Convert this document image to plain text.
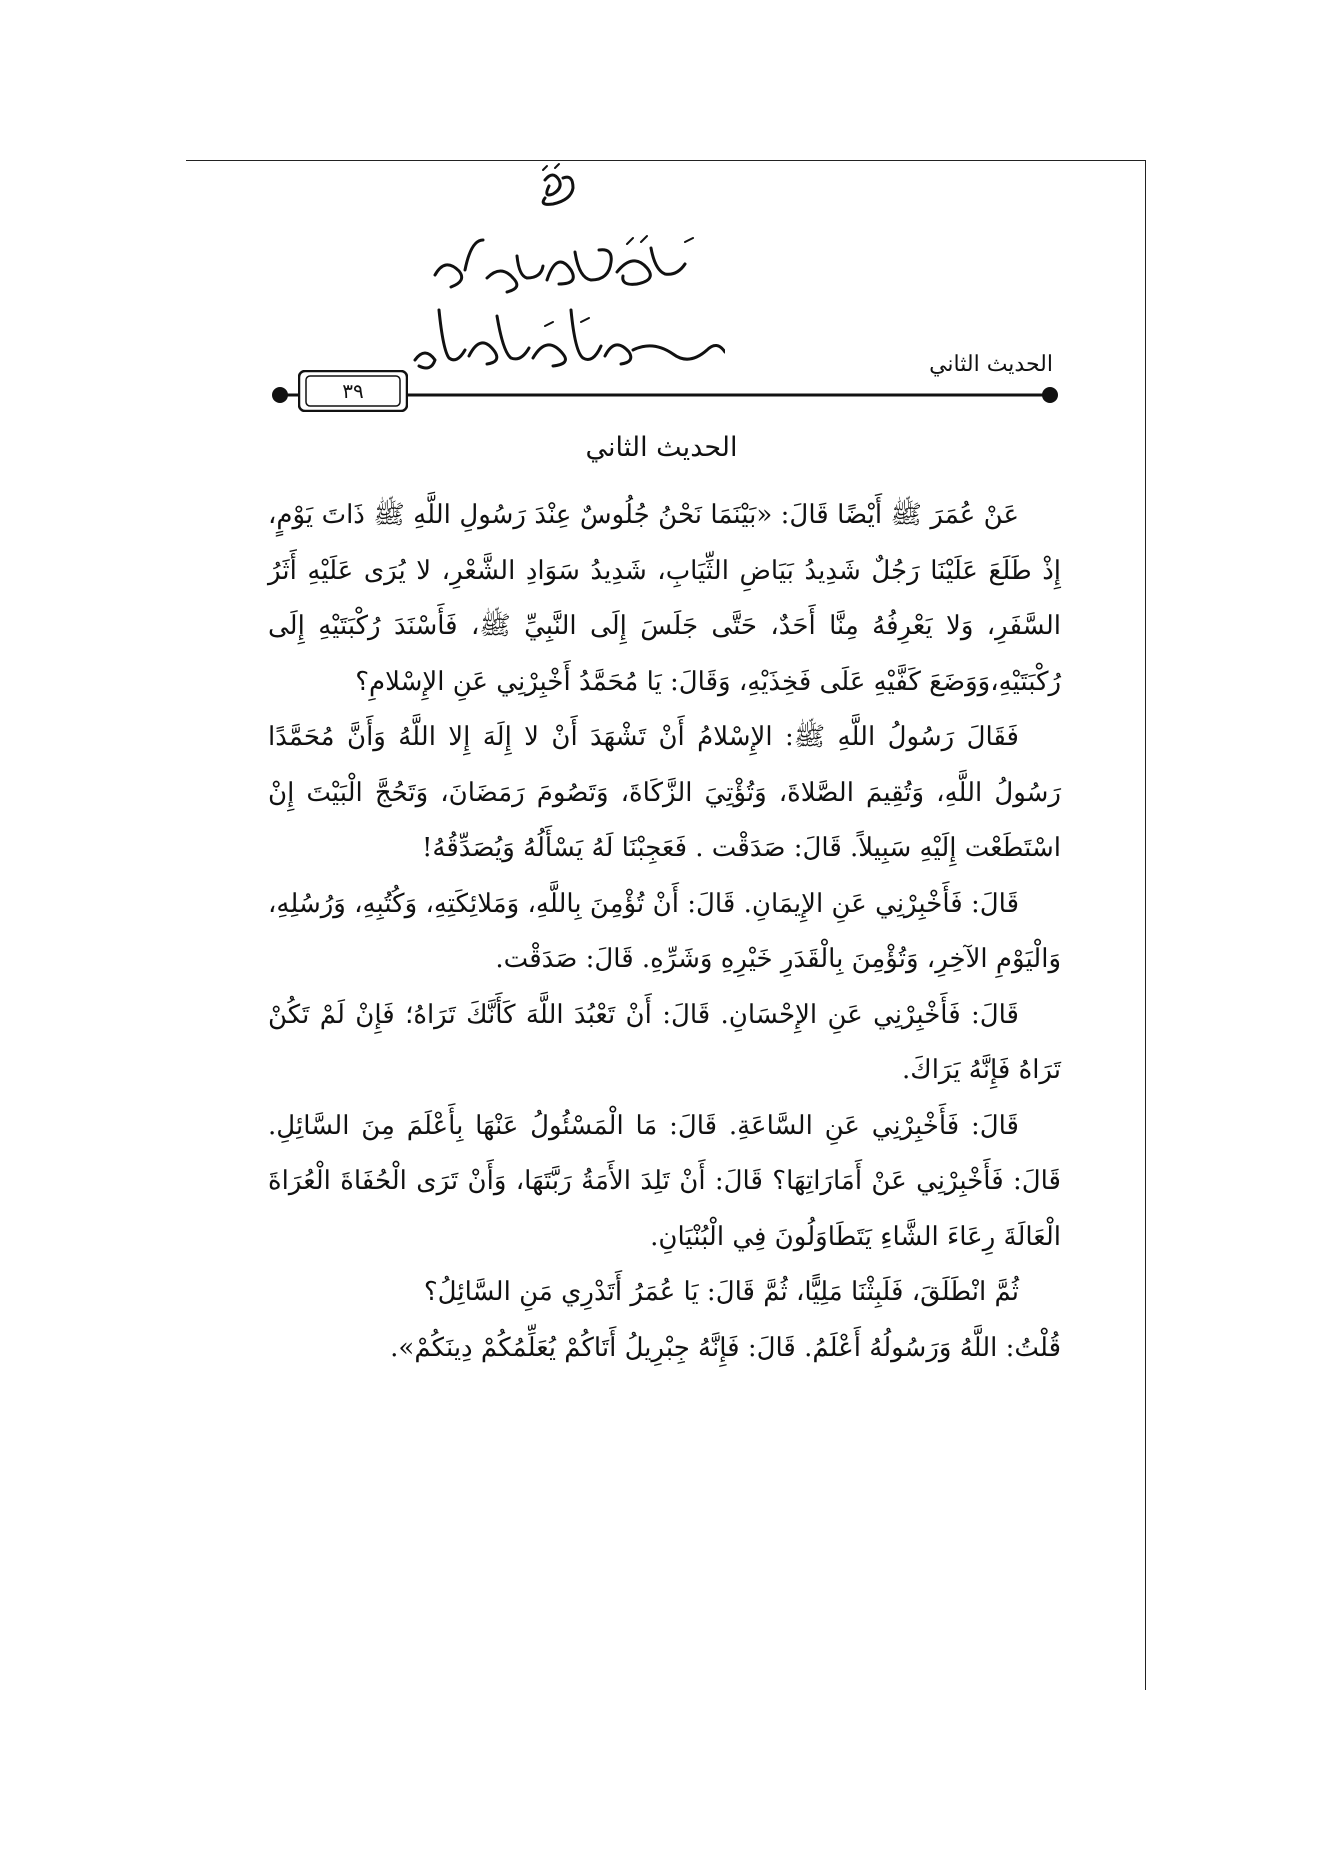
٣٩
الحديث الثاني
الحديث الثاني

عَنْ عُمَرَ ﷺ أَيْضًا قَالَ: «بَيْنَمَا نَحْنُ جُلُوسٌ عِنْدَ رَسُولِ اللَّهِ ﷺ ذَاتَ يَوْمٍ، إِذْ طَلَعَ عَلَيْنَا رَجُلٌ شَدِيدُ بَيَاضِ الثِّيَابِ، شَدِيدُ سَوَادِ الشَّعْرِ، لا يُرَى عَلَيْهِ أَثَرُ السَّفَرِ، وَلا يَعْرِفُهُ مِنَّا أَحَدٌ، حَتَّى جَلَسَ إِلَى النَّبِيِّ ﷺ، فَأَسْنَدَ رُكْبَتَيْهِ إِلَى رُكْبَتَيْهِ،وَوَضَعَ كَفَّيْهِ عَلَى فَخِذَيْهِ، وَقَالَ: يَا مُحَمَّدُ أَخْبِرْنِي عَنِ الإِسْلامِ؟

فَقَالَ رَسُولُ اللَّهِ ﷺ: الإِسْلامُ أَنْ تَشْهَدَ أَنْ لا إِلَهَ إِلا اللَّهُ وَأَنَّ مُحَمَّدًا رَسُولُ اللَّهِ، وَتُقِيمَ الصَّلاةَ، وَتُؤْتِيَ الزَّكَاةَ، وَتَصُومَ رَمَضَانَ، وَتَحُجَّ الْبَيْتَ إِنْ اسْتَطَعْت إِلَيْهِ سَبِيلاً. قَالَ: صَدَقْت . فَعَجِبْنَا لَهُ يَسْأَلُهُ وَيُصَدِّقُهُ!

قَالَ: فَأَخْبِرْنِي عَنِ الإِيمَانِ. قَالَ: أَنْ تُؤْمِنَ بِاللَّهِ، وَمَلائِكَتِهِ، وَكُتُبِهِ، وَرُسُلِهِ، وَالْيَوْمِ الآخِرِ، وَتُؤْمِنَ بِالْقَدَرِ خَيْرِهِ وَشَرِّهِ. قَالَ: صَدَقْت.

قَالَ: فَأَخْبِرْنِي عَنِ الإِحْسَانِ. قَالَ: أَنْ تَعْبُدَ اللَّهَ كَأَنَّكَ تَرَاهُ؛ فَإِنْ لَمْ تَكُنْ تَرَاهُ فَإِنَّهُ يَرَاكَ.

قَالَ: فَأَخْبِرْنِي عَنِ السَّاعَةِ. قَالَ: مَا الْمَسْئُولُ عَنْهَا بِأَعْلَمَ مِنَ السَّائِلِ. قَالَ: فَأَخْبِرْنِي عَنْ أَمَارَاتِهَا؟ قَالَ: أَنْ تَلِدَ الأَمَةُ رَبَّتَهَا، وَأَنْ تَرَى الْحُفَاةَ الْعُرَاةَ الْعَالَةَ رِعَاءَ الشَّاءِ يَتَطَاوَلُونَ فِي الْبُنْيَانِ.

ثُمَّ انْطَلَقَ، فَلَبِثْنَا مَلِيًّا، ثُمَّ قَالَ: يَا عُمَرُ أَتَدْرِي مَنِ السَّائِلُ؟

قُلْتُ: اللَّهُ وَرَسُولُهُ أَعْلَمُ. قَالَ: فَإِنَّهُ جِبْرِيلُ أَتَاكُمْ يُعَلِّمُكُمْ دِينَكُمْ».
